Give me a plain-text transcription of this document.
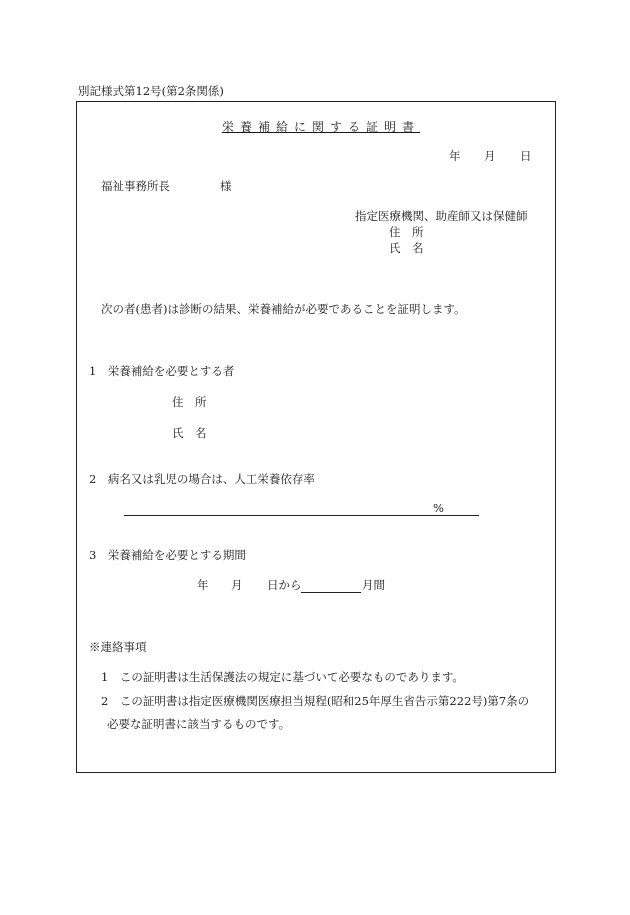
別記様式第12号(第2条関係)
栄養補給に関する証明書
年 月 日
福祉事務所長	様
指定医療機関、助産師又は保健師
住　所
氏　名
次の者(患者)は診断の結果、栄養補給が必要であることを証明します。
1　栄養補給を必要とする者
住　所
氏　名
2　病名又は乳児の場合は、人工栄養依存率
%
3　栄養補給を必要とする期間
年 月 日から	月間
※連絡事項
1　この証明書は生活保護法の規定に基づいて必要なものであります。
2　この証明書は指定医療機関医療担当規程(昭和25年厚生省告示第222号)第7条の
必要な証明書に該当するものです。
